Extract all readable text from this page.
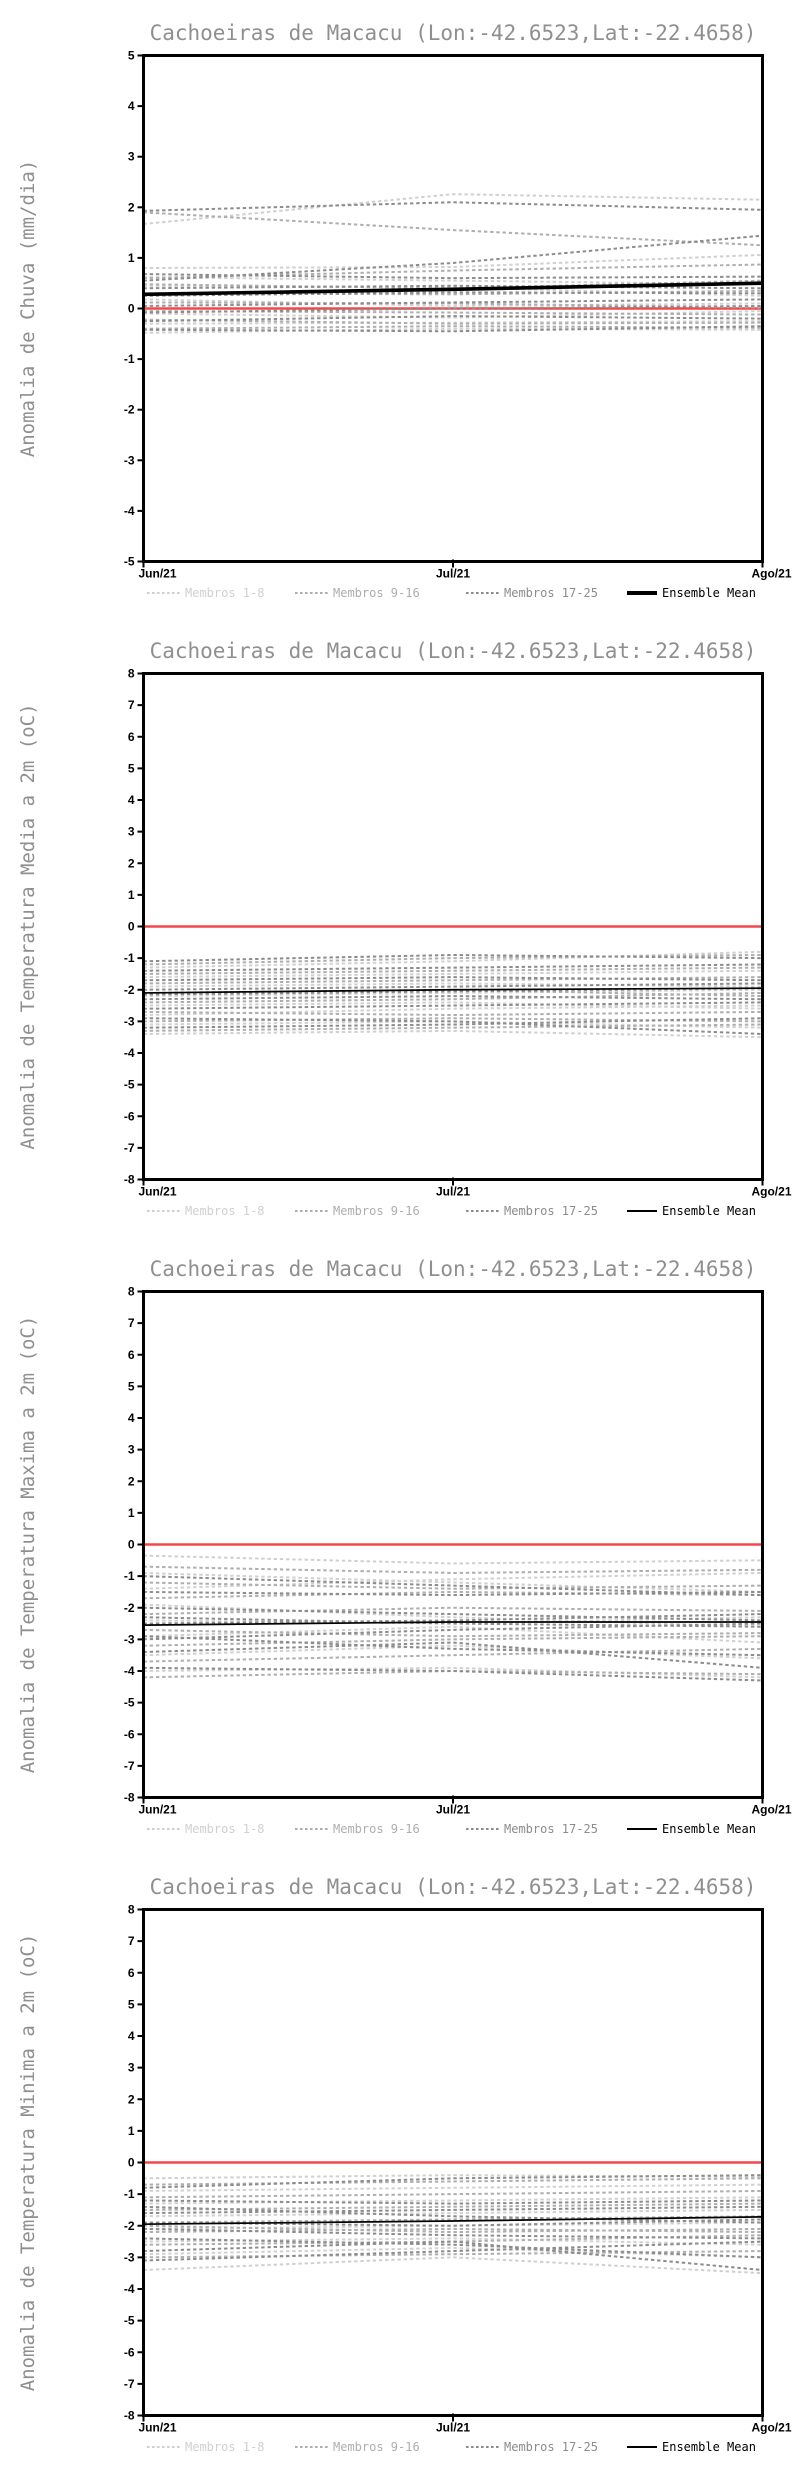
Cachoeiras de Macacu (Lon:-42.6523,Lat:-22.4658)
Anomalia de Chuva (mm/dia)
5
4
3
2
1
0
-1
-2
-3
-4
-5
Jun/21	Jul/21	Ago/21
Membros 1-8	Membros 9-16	Membros 17-25	Ensemble Mean
Cachoeiras de Macacu (Lon:-42.6523,Lat:-22.4658)
Anomalia de Temperatura Media a 2m (oC)
8
7
6
5
4
3
2
1
0
-1
-2
-3
-4
-5
-6
-7
-8
Jun/21	Jul/21	Ago/21
Membros 1-8	Membros 9-16	Membros 17-25	Ensemble Mean
Cachoeiras de Macacu (Lon:-42.6523,Lat:-22.4658)
Anomalia de Temperatura Maxima a 2m (oC)
8
7
6
5
4
3
2
1
0
-1
-2
-3
-4
-5
-6
-7
-8
Jun/21	Jul/21	Ago/21
Membros 1-8	Membros 9-16	Membros 17-25	Ensemble Mean
Cachoeiras de Macacu (Lon:-42.6523,Lat:-22.4658)
Anomalia de Temperatura Minima a 2m (oC)
8
7
6
5
4
3
2
1
0
-1
-2
-3
-4
-5
-6
-7
-8
Jun/21	Jul/21	Ago/21
Membros 1-8	Membros 9-16	Membros 17-25	Ensemble Mean
